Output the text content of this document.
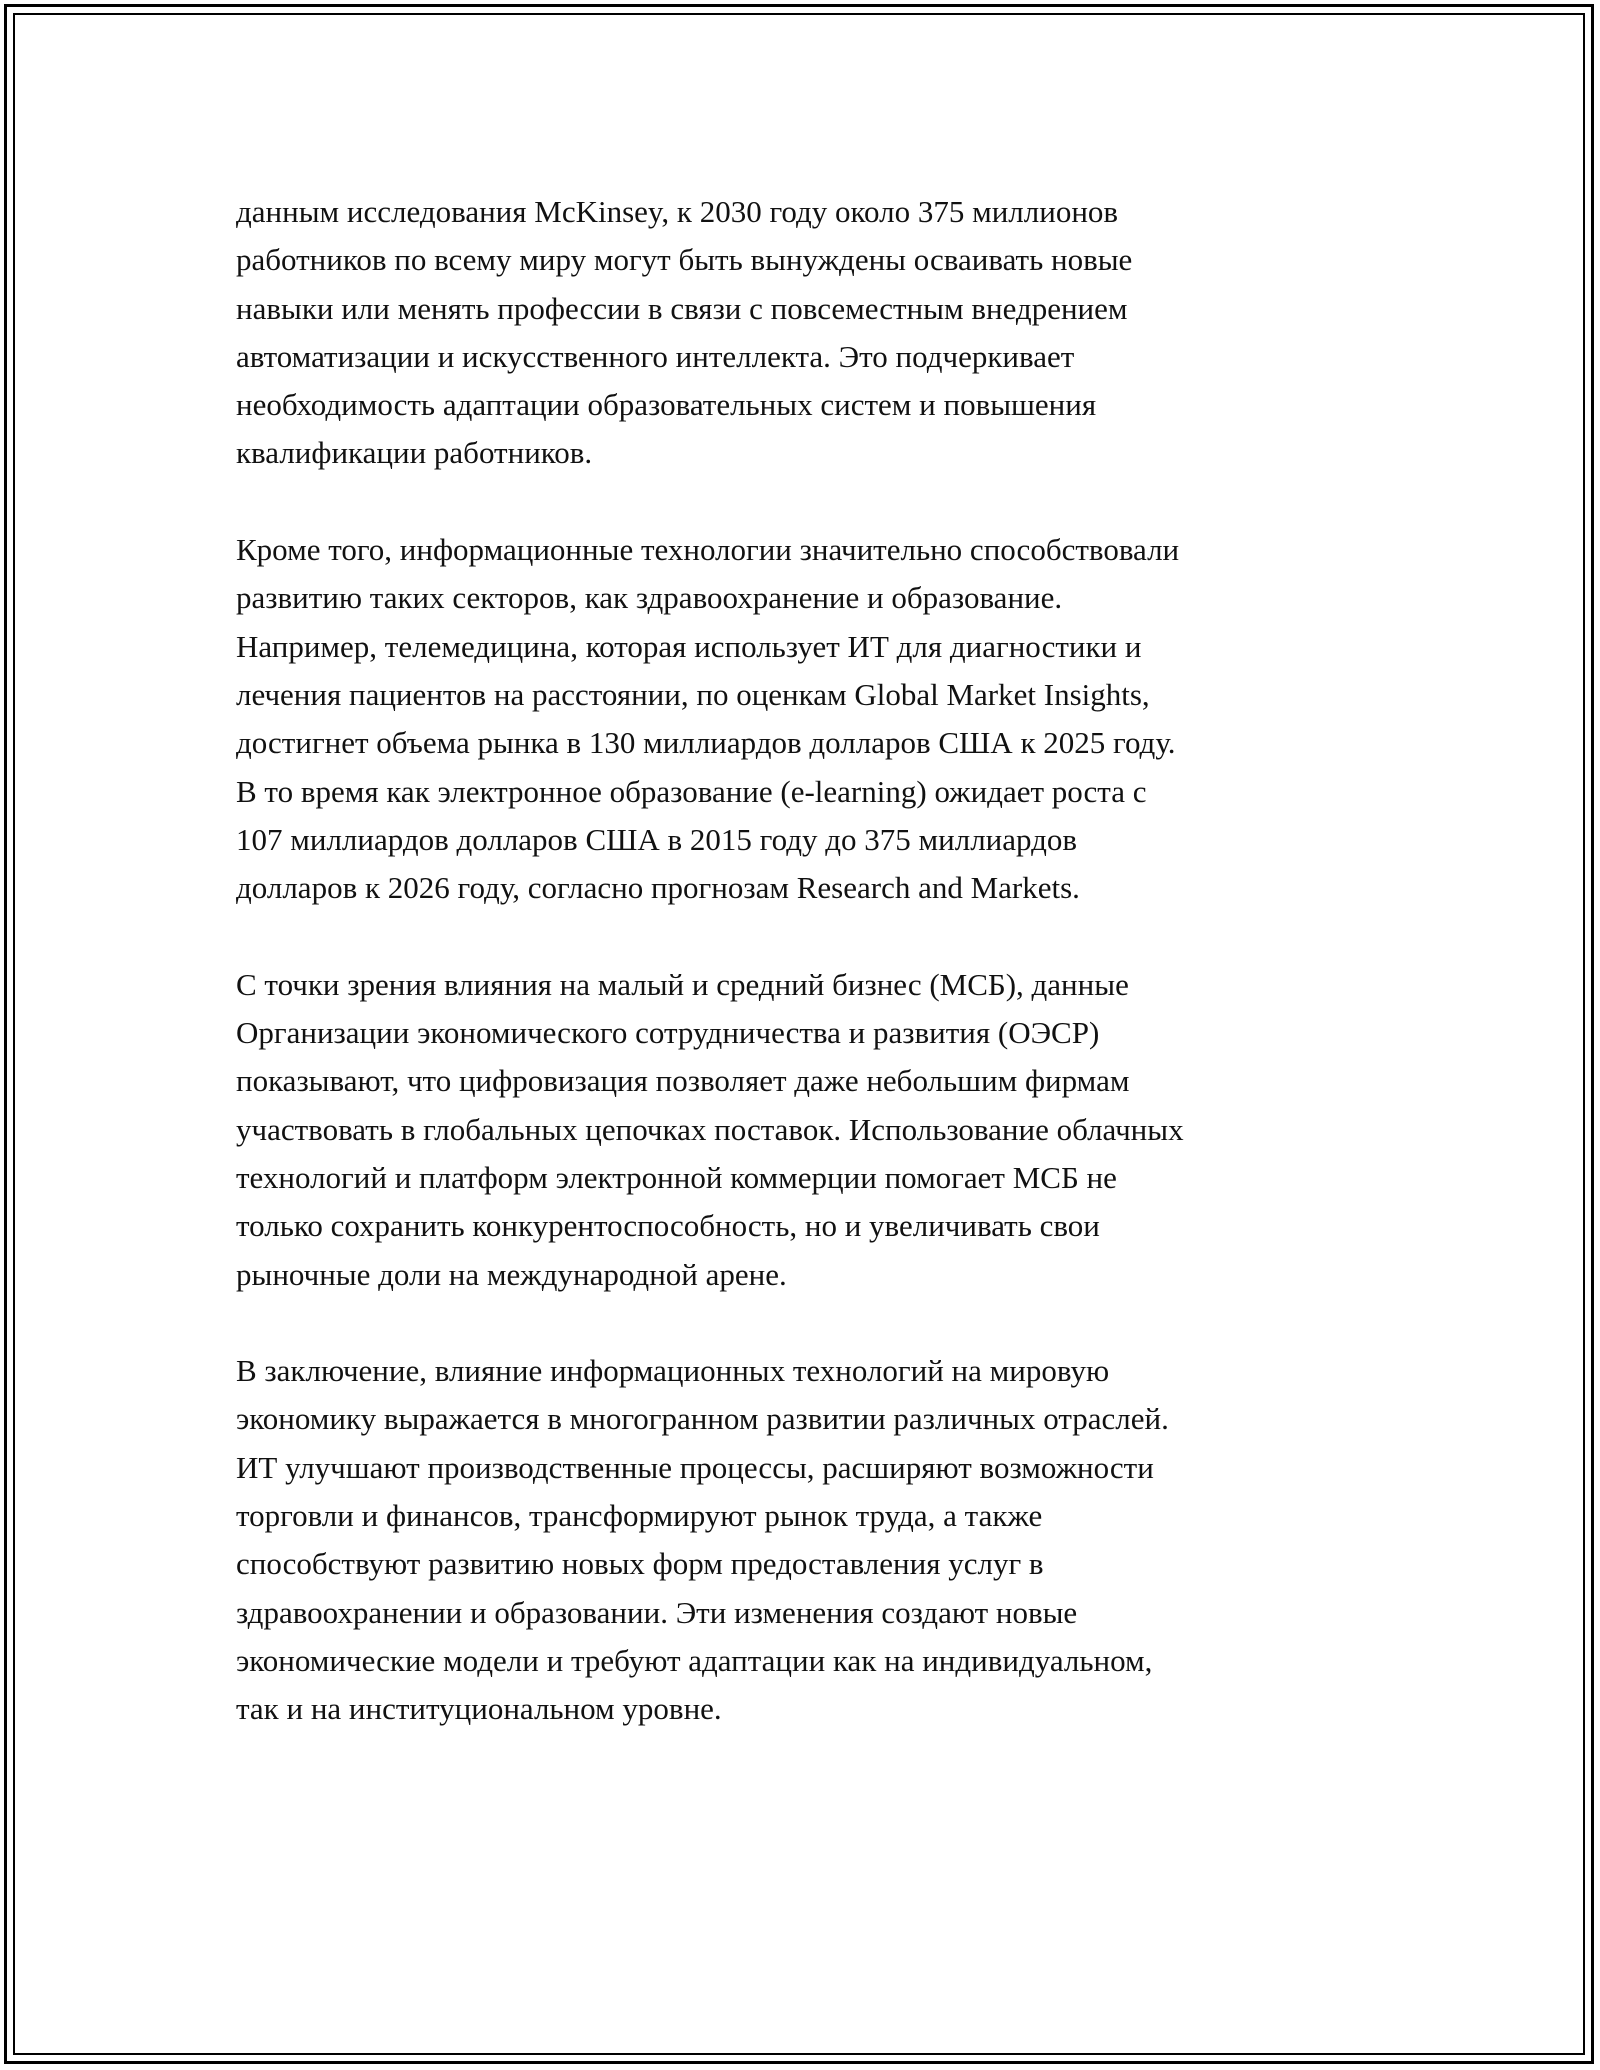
данным исследования McKinsey, к 2030 году около 375 миллионов
работников по всему миру могут быть вынуждены осваивать новые
навыки или менять профессии в связи с повсеместным внедрением
автоматизации и искусственного интеллекта. Это подчеркивает
необходимость адаптации образовательных систем и повышения
квалификации работников.

Кроме того, информационные технологии значительно способствовали
развитию таких секторов, как здравоохранение и образование.
Например, телемедицина, которая использует ИТ для диагностики и
лечения пациентов на расстоянии, по оценкам Global Market Insights,
достигнет объема рынка в 130 миллиардов долларов США к 2025 году.
В то время как электронное образование (e-learning) ожидает роста с
107 миллиардов долларов США в 2015 году до 375 миллиардов
долларов к 2026 году, согласно прогнозам Research and Markets.

С точки зрения влияния на малый и средний бизнес (МСБ), данные
Организации экономического сотрудничества и развития (ОЭСР)
показывают, что цифровизация позволяет даже небольшим фирмам
участвовать в глобальных цепочках поставок. Использование облачных
технологий и платформ электронной коммерции помогает МСБ не
только сохранить конкурентоспособность, но и увеличивать свои
рыночные доли на международной арене.

В заключение, влияние информационных технологий на мировую
экономику выражается в многогранном развитии различных отраслей.
ИТ улучшают производственные процессы, расширяют возможности
торговли и финансов, трансформируют рынок труда, а также
способствуют развитию новых форм предоставления услуг в
здравоохранении и образовании. Эти изменения создают новые
экономические модели и требуют адаптации как на индивидуальном,
так и на институциональном уровне.
